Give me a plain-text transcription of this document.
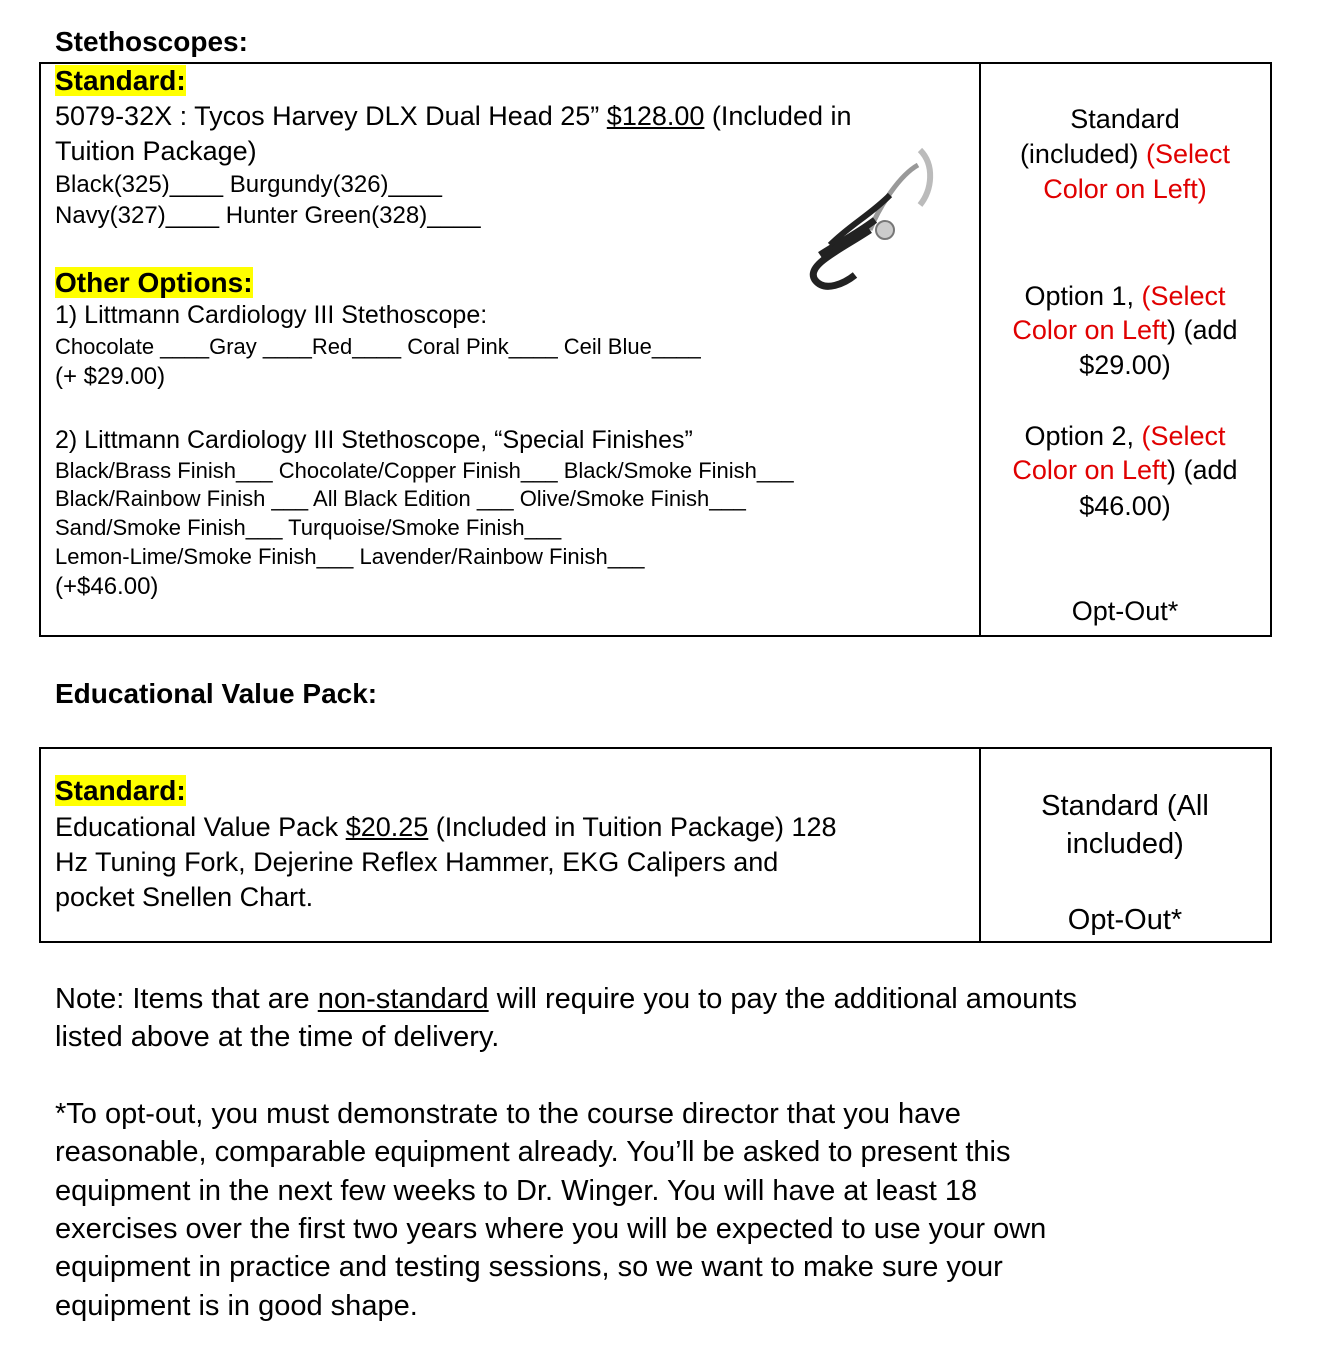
Stethoscopes:
Standard:
5079-32X : Tycos Harvey DLX Dual Head 25” $128.00 (Included in
Tuition Package)
Black(325)____ Burgundy(326)____
Navy(327)____ Hunter Green(328)____
Other Options:
1) Littmann Cardiology III Stethoscope:
Chocolate ____Gray ____Red____ Coral Pink____ Ceil Blue____
(+ $29.00)
2) Littmann Cardiology III Stethoscope, “Special Finishes”
Black/Brass Finish___ Chocolate/Copper Finish___ Black/Smoke Finish___
Black/Rainbow Finish ___ All Black Edition ___ Olive/Smoke Finish___
Sand/Smoke Finish___ Turquoise/Smoke Finish___
Lemon-Lime/Smoke Finish___ Lavender/Rainbow Finish___
(+$46.00)
Standard
(included) (Select
Color on Left)
Option 1, (Select
Color on Left) (add
$29.00)
Option 2, (Select
Color on Left) (add
$46.00)
Opt-Out*
Educational Value Pack:
Standard:
Educational Value Pack $20.25 (Included in Tuition Package) 128
Hz Tuning Fork, Dejerine Reflex Hammer, EKG Calipers and
pocket Snellen Chart.
Standard (All
included)
Opt-Out*
Note: Items that are non-standard will require you to pay the additional amounts
listed above at the time of delivery.
*To opt-out, you must demonstrate to the course director that you have
reasonable, comparable equipment already. You’ll be asked to present this
equipment in the next few weeks to Dr. Winger. You will have at least 18
exercises over the first two years where you will be expected to use your own
equipment in practice and testing sessions, so we want to make sure your
equipment is in good shape.
